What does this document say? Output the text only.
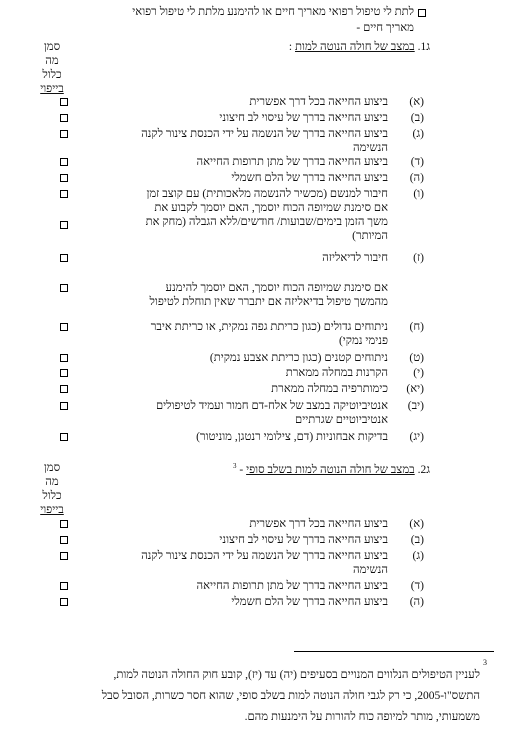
לתת לי טיפול רפואי מאריך חיים או להימנע מלתת לי טיפול רפואי
מאריך חיים -
סמן
מה
כלול
בייפוי
ג1. במצב של חולה הנוטה למות :
(א)
ביצוע החייאה בכל דרך אפשרית
(ב)
ביצוע החייאה בדרך של עיסוי לב חיצוני
(ג)
ביצוע החייאה בדרך של הנשמה על ידי הכנסת צינור לקנה
הנשימה
(ד)
ביצוע החייאה בדרך של מתן תרופות החייאה
(ה)
ביצוע החייאה בדרך של הלם חשמלי
(ו)
חיבור למנשם (מכשיר להנשמה מלאכותית) עם קוצב זמן
אם סימנת שמיופה הכוח יוסמך, האם יוסמך לקבוע את
משך הזמן בימים/שבועות/ חודשים/ללא הגבלה (מחק את
המיותר)
(ז)
חיבור לדיאליזה
אם סימנת שמיופה הכוח יוסמך, האם יוסמך להימנע
מהמשך טיפול בדיאליזה אם יתברר שאין תוחלת לטיפול
(ח)
ניתוחים גדולים (כגון כריתת גפה נמקית, או כריתת איבר
פנימי נמקי)
(ט)
ניתוחים קטנים (כגון כריתת אצבע נמקית)
(י)
הקרנות במחלה ממארת
(יא)
כימותרפיה במחלה ממארת
(יב)
אנטיביוטיקה במצב של אלח-דם חמור ועמיד לטיפולים
אנטיביוטיים שגרתיים
(יג)
בדיקות אבחוניות (דם, צילומי רנטגן, מוניטור)
סמן
מה
כלול
בייפוי
ג2. במצב של חולה הנוטה למות בשלב סופי - $^3$
(א)
ביצוע החייאה בכל דרך אפשרית
(ב)
ביצוע החייאה בדרך של עיסוי לב חיצוני
(ג)
ביצוע החייאה בדרך של הנשמה על ידי הכנסת צינור לקנה
הנשימה
(ד)
ביצוע החייאה בדרך של מתן תרופות החייאה
(ה)
ביצוע החייאה בדרך של הלם חשמלי
3
לעניין הטיפולים הנלווים המנויים בסעיפים (יה) עד (יז), קובע חוק החולה הנוטה למות,
התשס"ו-2005, כי רק לגבי חולה הנוטה למות בשלב סופי, שהוא חסר כשרות, הסובל סבל
משמעותי, מותר למיופה כוח להורות על הימנעות מהם.
